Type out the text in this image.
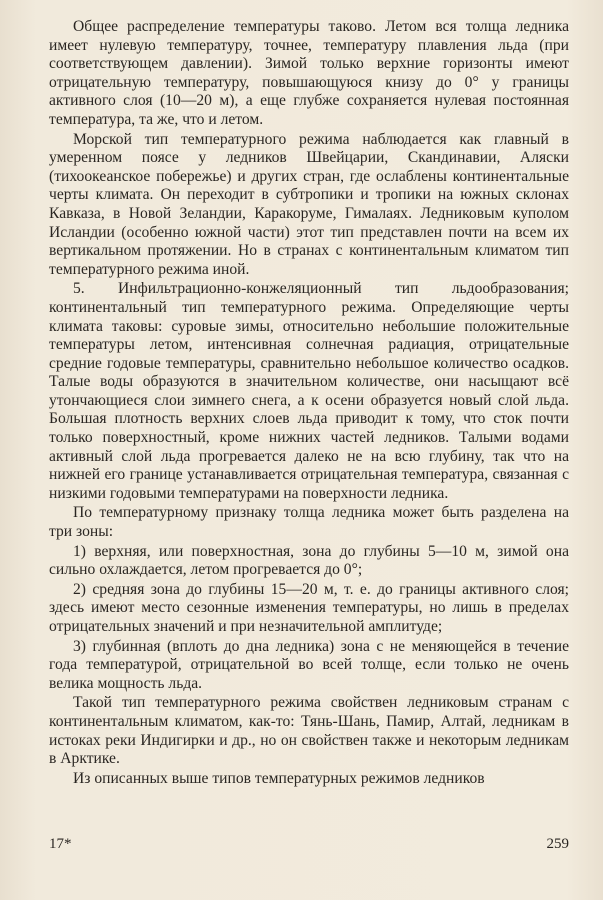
Общее распределение температуры таково. Летом вся толща ледника имеет нулевую температуру, точнее, температуру плавления льда (при соответствующем давлении). Зимой только верхние горизонты имеют отрицательную температуру, повышающуюся книзу до 0° у границы активного слоя (10—20 м), а еще глубже сохраняется нулевая постоянная температура, та же, что и летом.

Морской тип температурного режима наблюдается как главный в умеренном поясе у ледников Швейцарии, Скандинавии, Аляски (тихоокеанское побережье) и других стран, где ослаблены континентальные черты климата. Он переходит в субтропики и тропики на южных склонах Кавказа, в Новой Зеландии, Каракоруме, Гималаях. Ледниковым куполом Исландии (особенно южной части) этот тип представлен почти на всем их вертикальном протяжении. Но в странах с континентальным климатом тип температурного режима иной.

5. Инфильтрационно-конжеляционный тип льдообразования; континентальный тип температурного режима. Определяющие черты климата таковы: суровые зимы, относительно небольшие положительные температуры летом, интенсивная солнечная радиация, отрицательные средние годовые температуры, сравнительно небольшое количество осадков. Талые воды образуются в значительном количестве, они насыщают всё утончающиеся слои зимнего снега, а к осени образуется новый слой льда. Большая плотность верхних слоев льда приводит к тому, что сток почти только поверхностный, кроме нижних частей ледников. Талыми водами активный слой льда прогревается далеко не на всю глубину, так что на нижней его границе устанавливается отрицательная температура, связанная с низкими годовыми температурами на поверхности ледника.

По температурному признаку толща ледника может быть разделена на три зоны:

1) верхняя, или поверхностная, зона до глубины 5—10 м, зимой она сильно охлаждается, летом прогревается до 0°;

2) средняя зона до глубины 15—20 м, т. е. до границы активного слоя; здесь имеют место сезонные изменения температуры, но лишь в пределах отрицательных значений и при незначительной амплитуде;

3) глубинная (вплоть до дна ледника) зона с не меняющейся в течение года температурой, отрицательной во всей толще, если только не очень велика мощность льда.

Такой тип температурного режима свойствен ледниковым странам с континентальным климатом, как-то: Тянь-Шань, Памир, Алтай, ледникам в истоках реки Индигирки и др., но он свойствен также и некоторым ледникам в Арктике.

Из описанных выше типов температурных режимов ледников

17*	259
